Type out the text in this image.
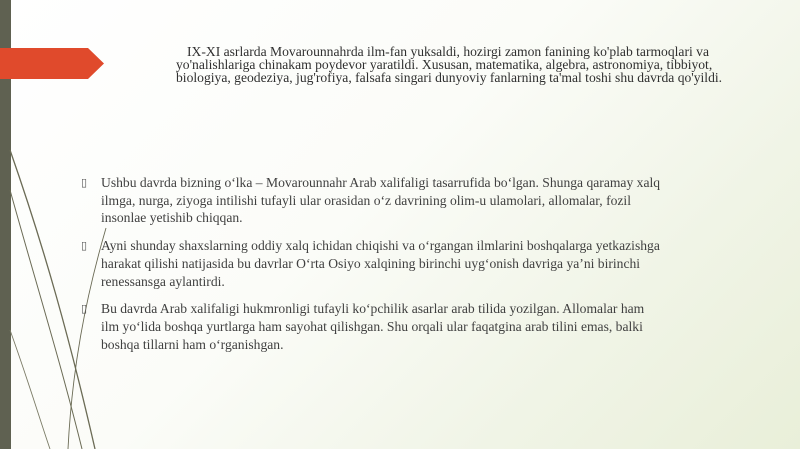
IX-XI asrlarda Movarounnahrda ilm-fan yuksaldi, hozirgi zamon fanining ko'plab tarmoqlari va yo'nalishlariga chinakam poydevor yaratildi. Xususan, matematika, algebra, astronomiya, tibbiyot, biologiya, geodeziya, jug'rofiya, falsafa singari dunyoviy fanlarning ta'mal toshi shu davrda qo'yildi.

▯ Ushbu davrda bizning o‘lka – Movarounnahr Arab xalifaligi tasarrufida bo‘lgan. Shunga qaramay xalq ilmga, nurga, ziyoga intilishi tufayli ular orasidan o‘z davrining olim-u ulamolari, allomalar, fozil insonlae yetishib chiqqan.
▯ Ayni shunday shaxslarning oddiy xalq ichidan chiqishi va o‘rgangan ilmlarini boshqalarga yetkazishga harakat qilishi natijasida bu davrlar O‘rta Osiyo xalqining birinchi uyg‘onish davriga ya’ni birinchi renessansga aylantirdi.
▯ Bu davrda Arab xalifaligi hukmronligi tufayli ko‘pchilik asarlar arab tilida yozilgan. Allomalar ham ilm yo‘lida boshqa yurtlarga ham sayohat qilishgan. Shu orqali ular faqatgina arab tilini emas, balki boshqa tillarni ham o‘rganishgan.
